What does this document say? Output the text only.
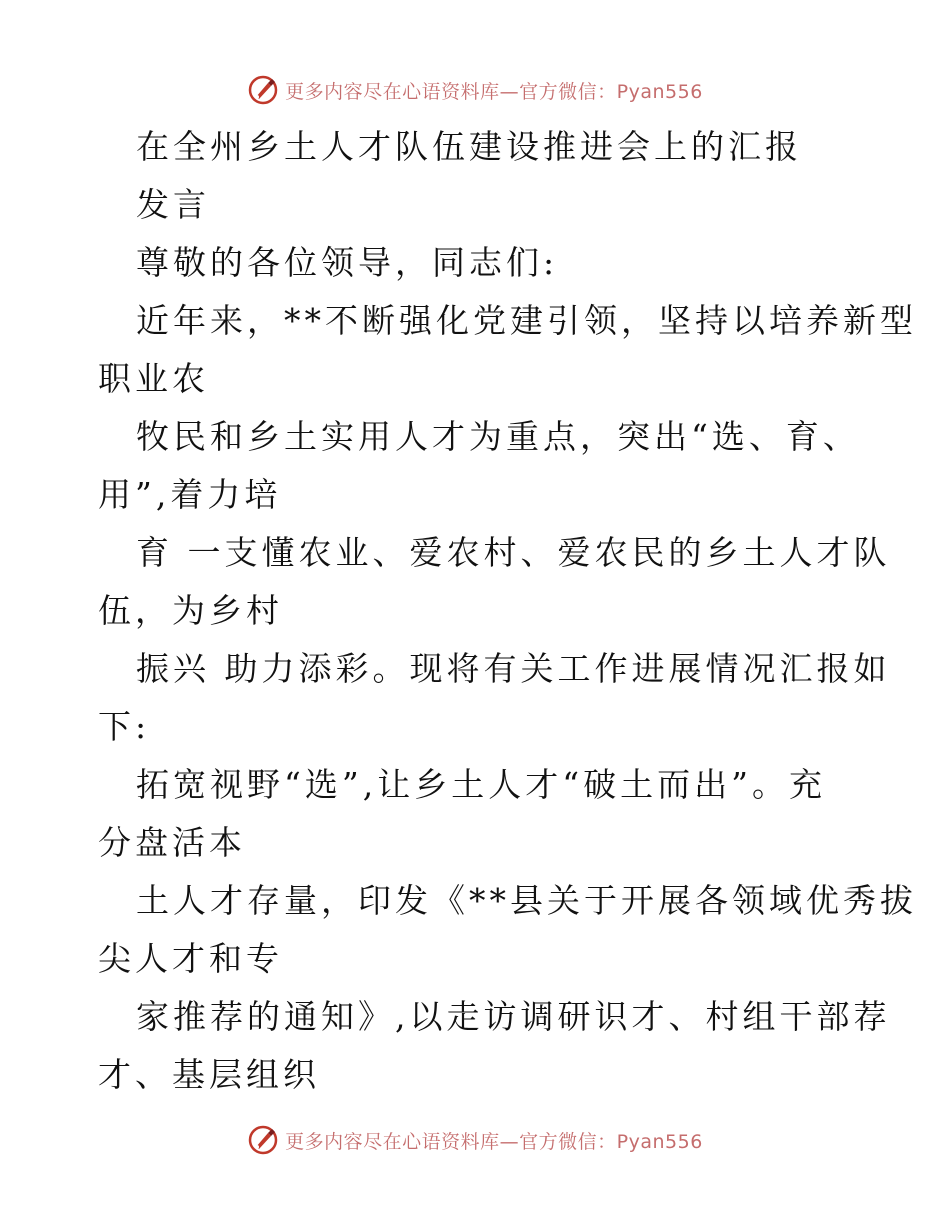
更多内容尽在心语资料库—官方微信：Pyan556
在全州乡土人才队伍建设推进会上的汇报
发言
尊敬的各位领导，同志们:
近年来，**不断强化党建引领，坚持以培养新型
职业农
牧民和乡土实用人才为重点，突出“选、育、
用”,着力培
育 一支懂农业、爱农村、爱农民的乡土人才队
伍，为乡村
振兴 助力添彩。现将有关工作进展情况汇报如
下:
拓宽视野“选”,让乡土人才“破土而出”。充
分盘活本
土人才存量，印发《**县关于开展各领域优秀拔
尖人才和专
家推荐的通知》,以走访调研识才、村组干部荐
才、基层组织
更多内容尽在心语资料库—官方微信：Pyan556
